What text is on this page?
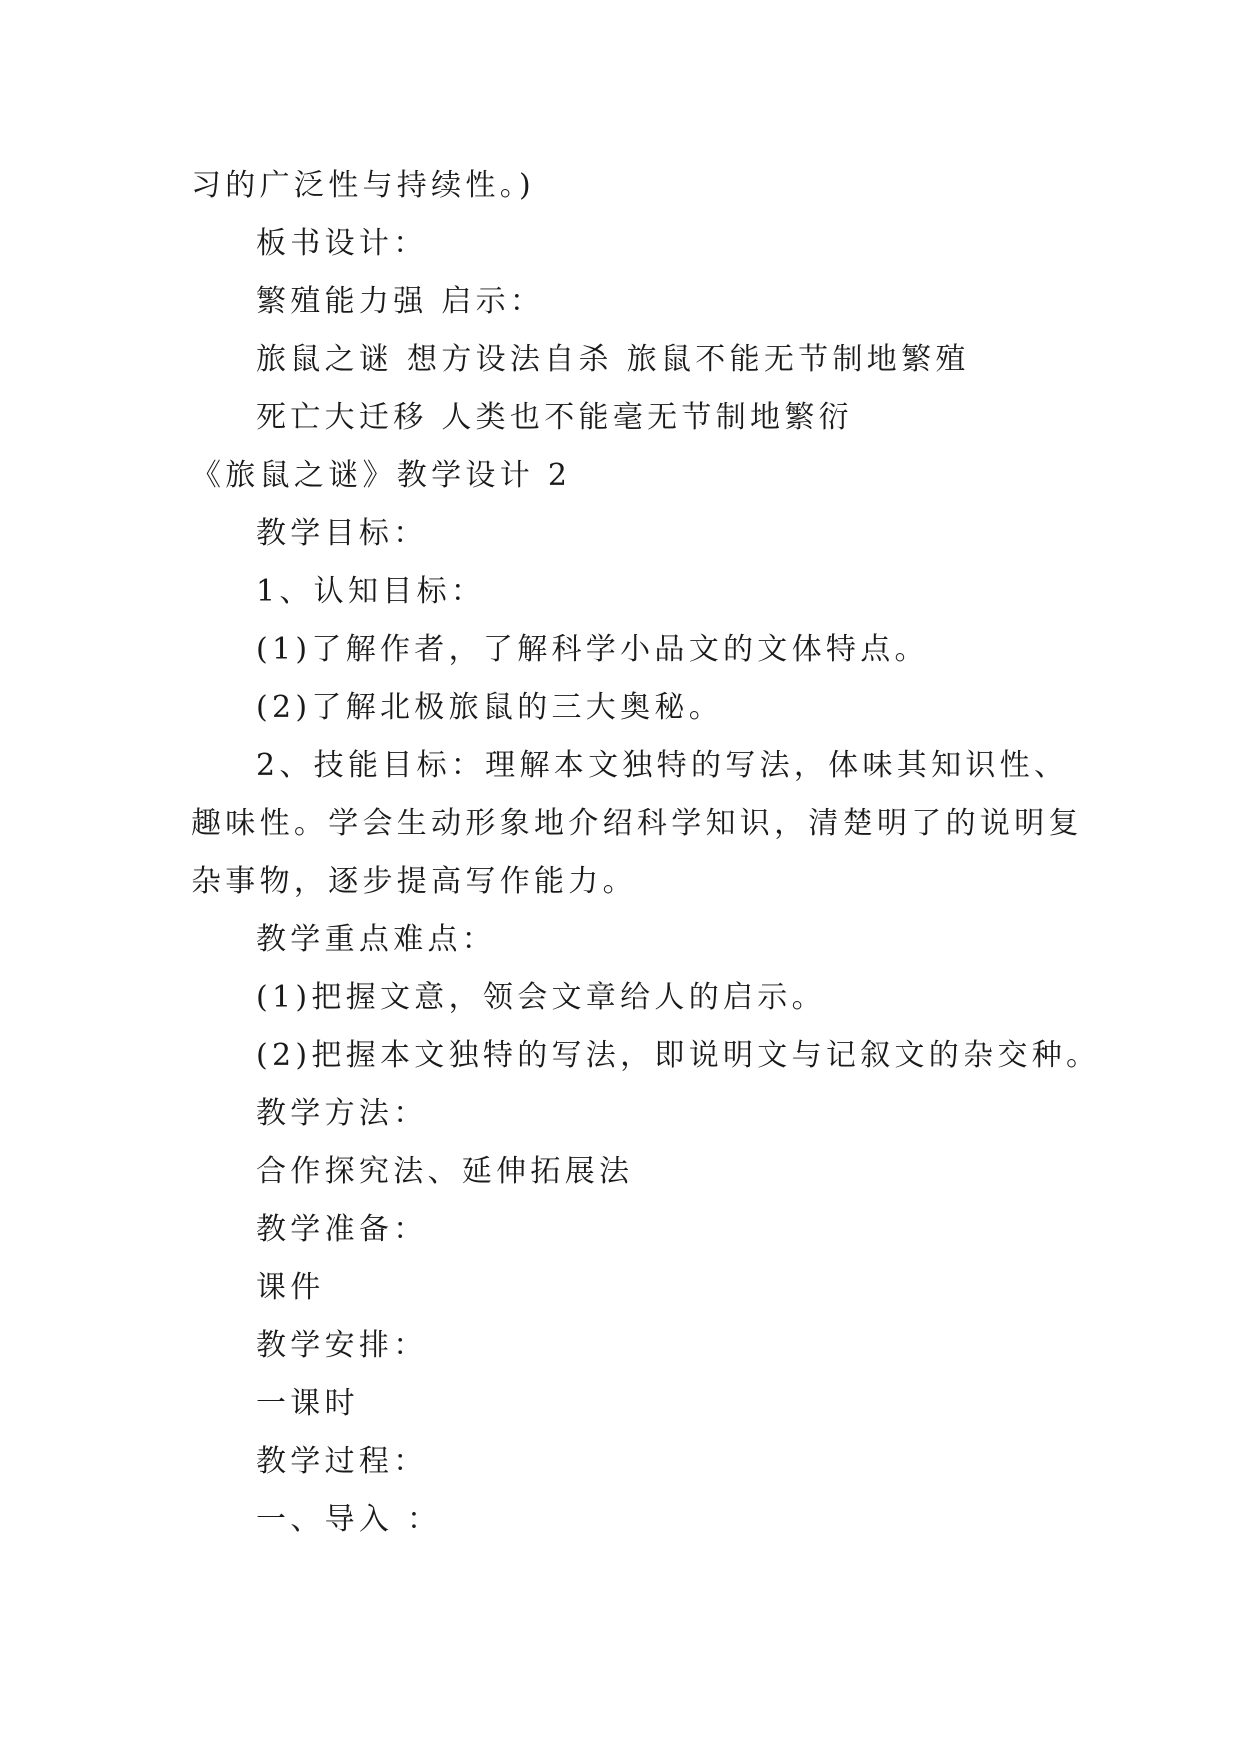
习的广泛性与持续性。)
板书设计：
繁殖能力强 启示：
旅鼠之谜 想方设法自杀 旅鼠不能无节制地繁殖
死亡大迁移 人类也不能毫无节制地繁衍
《旅鼠之谜》教学设计 2
教学目标：
1、认知目标：
(1)了解作者，了解科学小品文的文体特点。
(2)了解北极旅鼠的三大奥秘。
2、技能目标：理解本文独特的写法，体味其知识性、
趣味性。学会生动形象地介绍科学知识，清楚明了的说明复
杂事物，逐步提高写作能力。
教学重点难点：
(1)把握文意，领会文章给人的启示。
(2)把握本文独特的写法，即说明文与记叙文的杂交种。
教学方法：
合作探究法、延伸拓展法
教学准备：
课件
教学安排：
一课时
教学过程：
一、导入 ：
